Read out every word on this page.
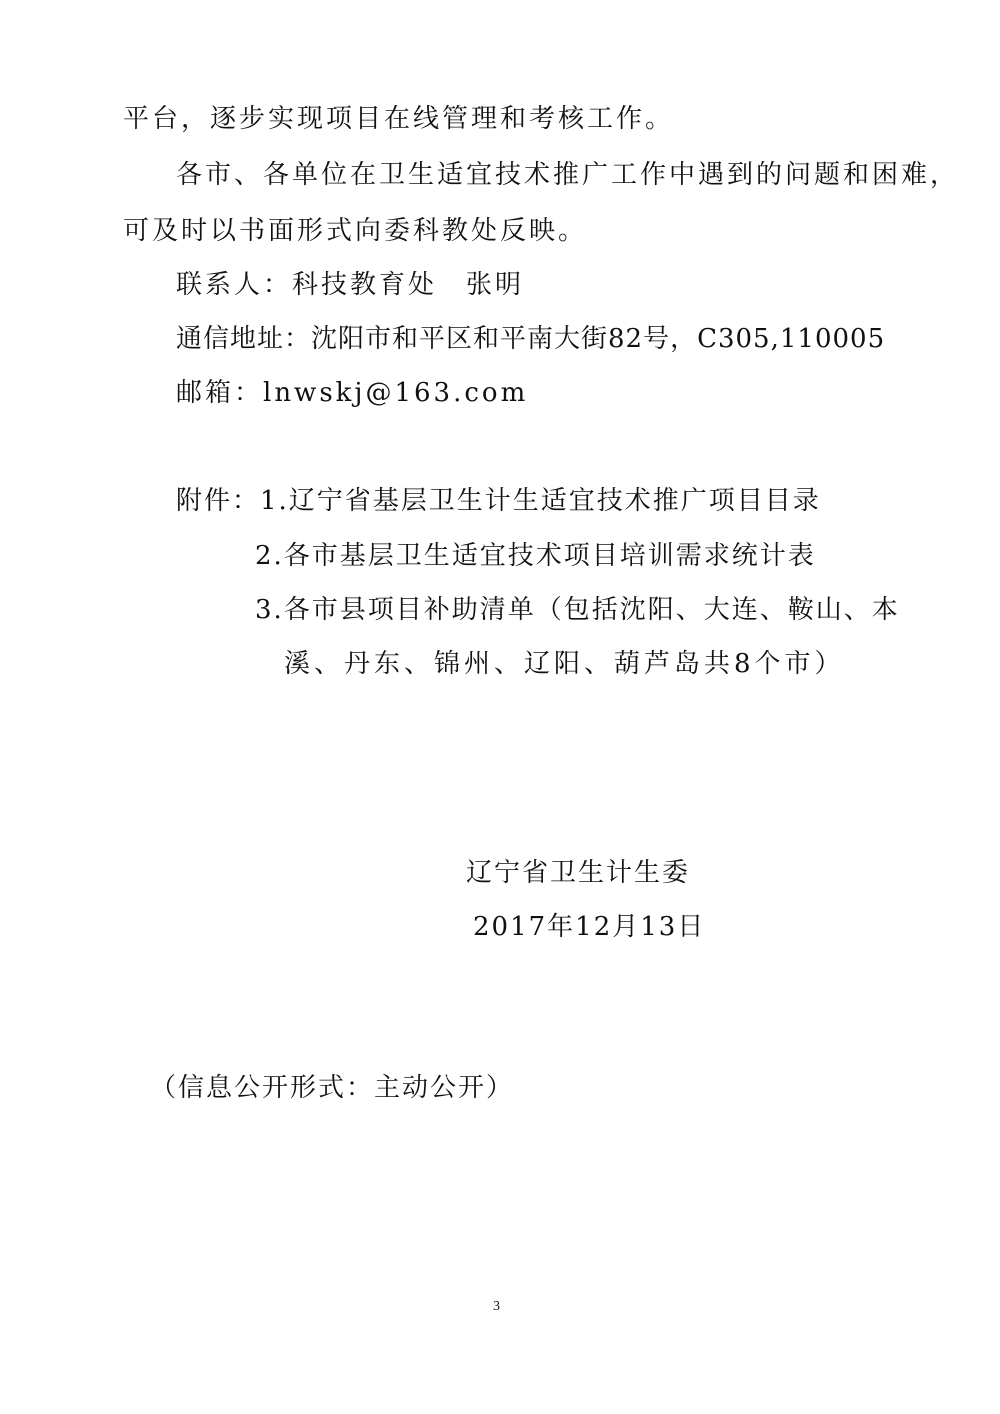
平台，逐步实现项目在线管理和考核工作。
各市、各单位在卫生适宜技术推广工作中遇到的问题和困难，
可及时以书面形式向委科教处反映。
联系人：科技教育处　张明
通信地址：沈阳市和平区和平南大街82号，C305,110005
邮箱：lnwskj@163.com
附件：1.辽宁省基层卫生计生适宜技术推广项目目录
2.各市基层卫生适宜技术项目培训需求统计表
3.各市县项目补助清单（包括沈阳、大连、鞍山、本
溪、丹东、锦州、辽阳、葫芦岛共8个市）
辽宁省卫生计生委
2017年12月13日
（信息公开形式：主动公开）
3
